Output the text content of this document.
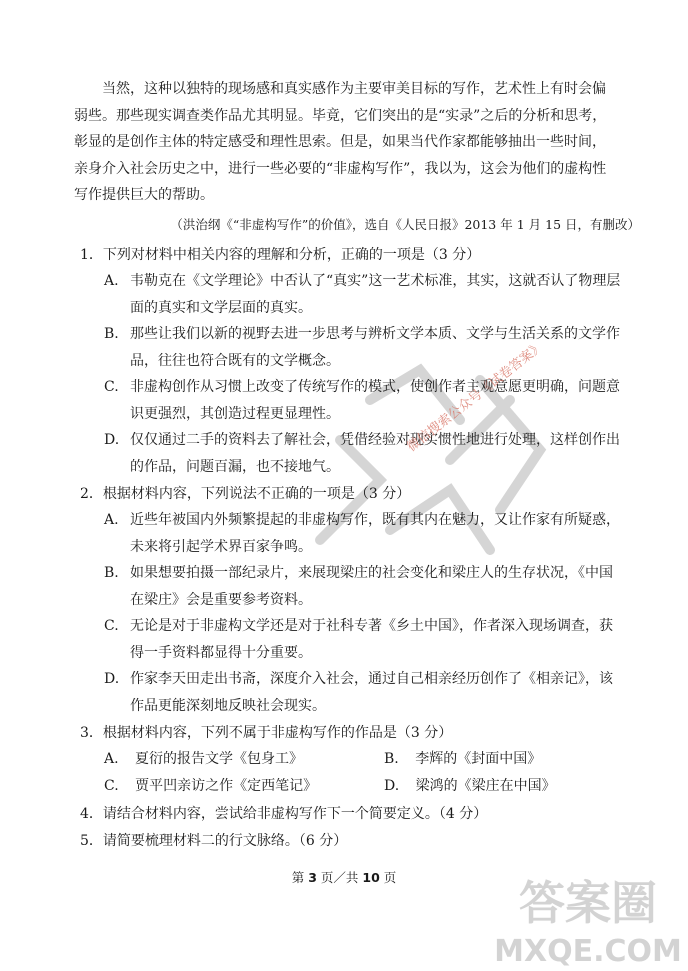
当然，这种以独特的现场感和真实感作为主要审美目标的写作，艺术性上有时会偏
弱些。那些现实调查类作品尤其明显。毕竟，它们突出的是“实录”之后的分析和思考，
彰显的是创作主体的特定感受和理性思索。但是，如果当代作家都能够抽出一些时间，
亲身介入社会历史之中，进行一些必要的“非虚构写作”，我以为，这会为他们的虚构性
写作提供巨大的帮助。
（洪治纲《“非虚构写作”的价值》，选自《人民日报》2013 年 1 月 15 日，有删改）
1．下列对材料中相关内容的理解和分析，正确的一项是（3 分）
A. 韦勒克在《文学理论》中否认了“真实”这一艺术标准，其实，这就否认了物理层面的真实和文学层面的真实。
B. 那些让我们以新的视野去进一步思考与辨析文学本质、文学与生活关系的文学作品，往往也符合既有的文学概念。
C. 非虚构创作从习惯上改变了传统写作的模式，使创作者主观意愿更明确，问题意识更强烈，其创造过程更显理性。
D. 仅仅通过二手的资料去了解社会，凭借经验对现实惯性地进行处理，这样创作出的作品，问题百漏，也不接地气。
2．根据材料内容，下列说法不正确的一项是（3 分）
A. 近些年被国内外频繁提起的非虚构写作，既有其内在魅力，又让作家有所疑惑，未来将引起学术界百家争鸣。
B. 如果想要拍摄一部纪录片，来展现梁庄的社会变化和梁庄人的生存状况，《中国在梁庄》会是重要参考资料。
C. 无论是对于非虚构文学还是对于社科专著《乡土中国》，作者深入现场调查，获得一手资料都显得十分重要。
D. 作家李天田走出书斋，深度介入社会，通过自己相亲经历创作了《相亲记》，该作品更能深刻地反映社会现实。
3．根据材料内容，下列不属于非虚构写作的作品是（3 分）
A. 夏衍的报告文学《包身工》	B. 李辉的《封面中国》
C. 贾平凹亲访之作《定西笔记》	D. 梁鸿的《梁庄在中国》
4．请结合材料内容，尝试给非虚构写作下一个简要定义。（4 分）
5．请简要梳理材料二的行文脉络。（6 分）
第 3 页／共 10 页
微信搜索公众号《试卷答案》
答案圈
MXQE.COM
